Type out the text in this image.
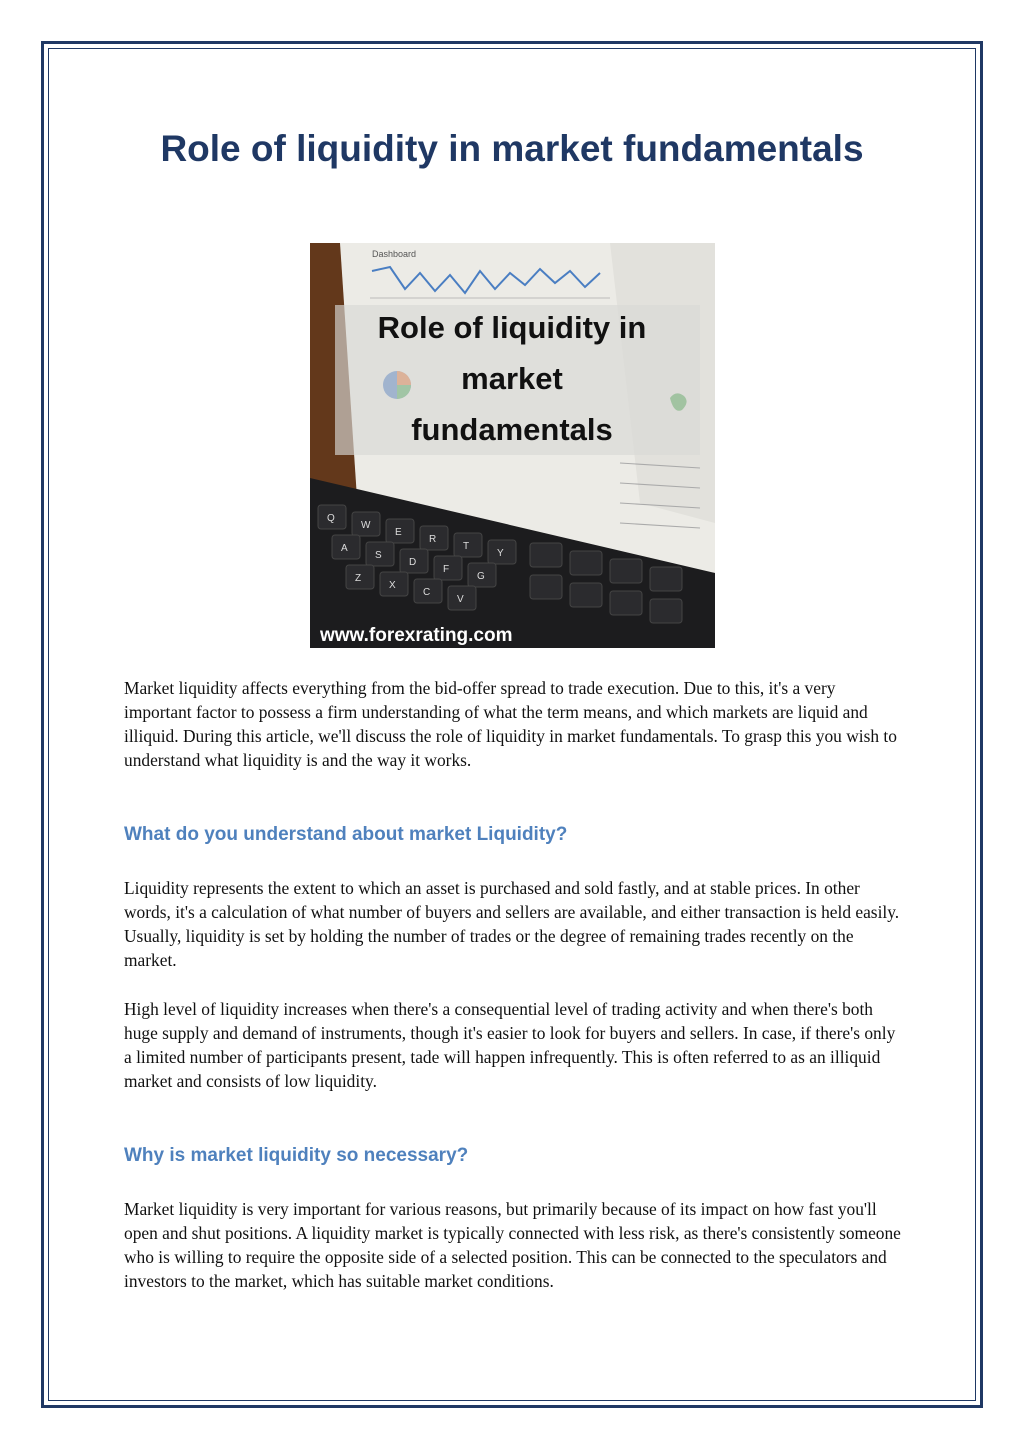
Role of liquidity in market fundamentals
Dashboard
Role of liquidity in
market
fundamentals
Q
W
E
R
T
Y
A
S
D
F
G
Z
X
C
V
www.forexrating.com

Market liquidity affects everything from the bid-offer spread to trade execution. Due to this, it's a very important factor to possess a firm understanding of what the term means, and which markets are liquid and illiquid. During this article, we'll discuss the role of liquidity in market fundamentals. To grasp this you wish to understand what liquidity is and the way it works.

What do you understand about market Liquidity?

Liquidity represents the extent to which an asset is purchased and sold fastly, and at stable prices. In other words, it's a calculation of what number of buyers and sellers are available, and either transaction is held easily. Usually, liquidity is set by holding the number of trades or the degree of remaining trades recently on the market.

High level of liquidity increases when there's a consequential level of trading activity and when there's both huge supply and demand of instruments, though it's easier to look for buyers and sellers. In case, if there's only a limited number of participants present, tade will happen infrequently. This is often referred to as an illiquid market and consists of low liquidity.

Why is market liquidity so necessary?

Market liquidity is very important for various reasons, but primarily because of its impact on how fast you'll open and shut positions. A liquidity market is typically connected with less risk, as there's consistently someone who is willing to require the opposite side of a selected position. This can be connected to the speculators and investors to the market, which has suitable market conditions.
